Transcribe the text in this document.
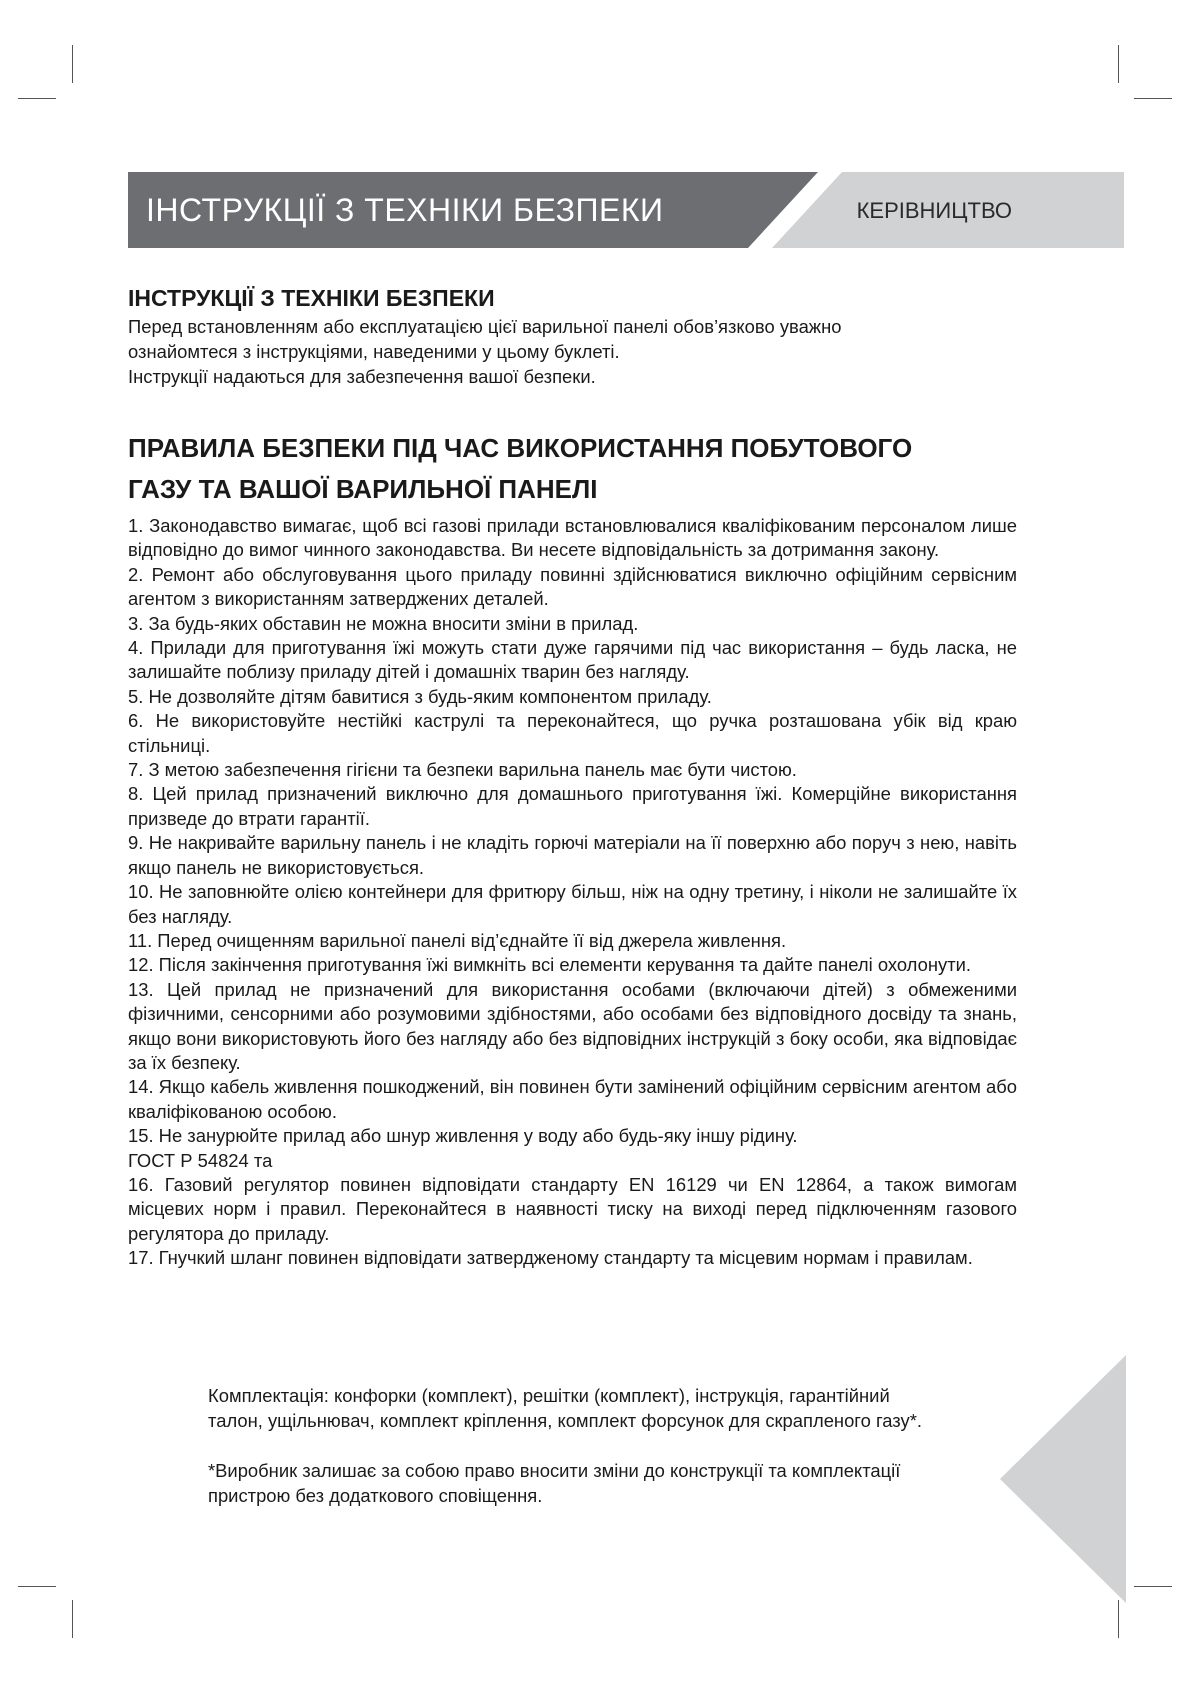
ІНСТРУКЦІЇ З ТЕХНІКИ БЕЗПЕКИ	КЕРІВНИЦТВО
ІНСТРУКЦІЇ З ТЕХНІКИ БЕЗПЕКИ

Перед встановленням або експлуатацією цієї варильної панелі обов’язково уважно

ознайомтеся з інструкціями, наведеними у цьому буклеті.

Інструкції надаються для забезпечення вашої безпеки.

ПРАВИЛА БЕЗПЕКИ ПІД ЧАС ВИКОРИСТАННЯ ПОБУТОВОГО
ГАЗУ ТА ВАШОЇ ВАРИЛЬНОЇ ПАНЕЛІ

1. Законодавство вимагає, щоб всі газові прилади встановлювалися кваліфікованим персоналом лише відповідно до вимог чинного законодавства. Ви несете відповідальність за дотримання закону.

2. Ремонт або обслуговування цього приладу повинні здійснюватися виключно офіційним сервісним агентом з використанням затверджених деталей.

3. За будь-яких обставин не можна вносити зміни в прилад.

4. Прилади для приготування їжі можуть стати дуже гарячими під час використання – будь ласка, не залишайте поблизу приладу дітей і домашніх тварин без нагляду.

5. Не дозволяйте дітям бавитися з будь-яким компонентом приладу.

6. Не використовуйте нестійкі каструлі та переконайтеся, що ручка розташована убік від краю стільниці.

7. З метою забезпечення гігієни та безпеки варильна панель має бути чистою.

8. Цей прилад призначений виключно для домашнього приготування їжі. Комерційне використання призведе до втрати гарантії.

9. Не накривайте варильну панель і не кладіть горючі матеріали на її поверхню або поруч з нею, навіть якщо панель не використовується.

10. Не заповнюйте олією контейнери для фритюру більш, ніж на одну третину, і ніколи не залишайте їх без нагляду.

11. Перед очищенням варильної панелі від’єднайте її від джерела живлення.

12. Після закінчення приготування їжі вимкніть всі елементи керування та дайте панелі охолонути.

13. Цей прилад не призначений для використання особами (включаючи дітей) з обмеженими фізичними, сенсорними або розумовими здібностями, або особами без відповідного досвіду та знань, якщо вони використовують його без нагляду або без відповідних інструкцій з боку особи, яка відповідає за їх безпеку.

14. Якщо кабель живлення пошкоджений, він повинен бути замінений офіційним сервісним агентом або кваліфікованою особою.

15. Не занурюйте прилад або шнур живлення у воду або будь-яку іншу рідину.

ГОСТ Р 54824 та

16. Газовий регулятор повинен відповідати стандарту EN 16129 чи EN 12864, а також вимогам місцевих норм і правил. Переконайтеся в наявності тиску на виході перед підключенням газового регулятора до приладу.

17. Гнучкий шланг повинен відповідати затвердженому стандарту та місцевим нормам і правилам.

Комплектація: конфорки (комплект), решітки (комплект), інструкція, гарантійний

талон, ущільнювач, комплект кріплення, комплект форсунок для скрапленого газу*.

*Виробник залишає за собою право вносити зміни до конструкції та комплектації

пристрою без додаткового сповіщення.
